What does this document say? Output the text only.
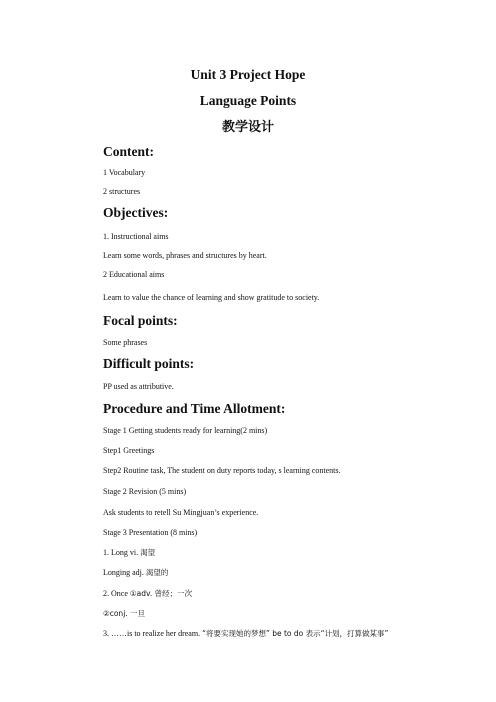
Unit 3 Project Hope
Language Points
教学设计
Content:
1 Vocabulary
2 structures
Objectives:
1. Instructional aims
Learn some words, phrases and structures by heart.
2 Educational aims
Learn to value the chance of learning and show gratitude to society.
Focal points:
Some phrases
Difficult points:
PP used as attributive.
Procedure and Time Allotment:
Stage 1 Getting students ready for learning(2 mins)
Step1 Greetings
Step2 Routine task, The student on duty reports today, s learning contents.
Stage 2 Revision (5 mins)
Ask students to retell Su Mingjuan’s experience.
Stage 3 Presentation (8 mins)
1. Long vi. 渴望
Longing adj. 渴望的
2. Once ①adv. 曾经；一次
②conj. 一旦
3. ……is to realize her dream. “将要实现她的梦想” be to do 表示“计划，打算做某事”
